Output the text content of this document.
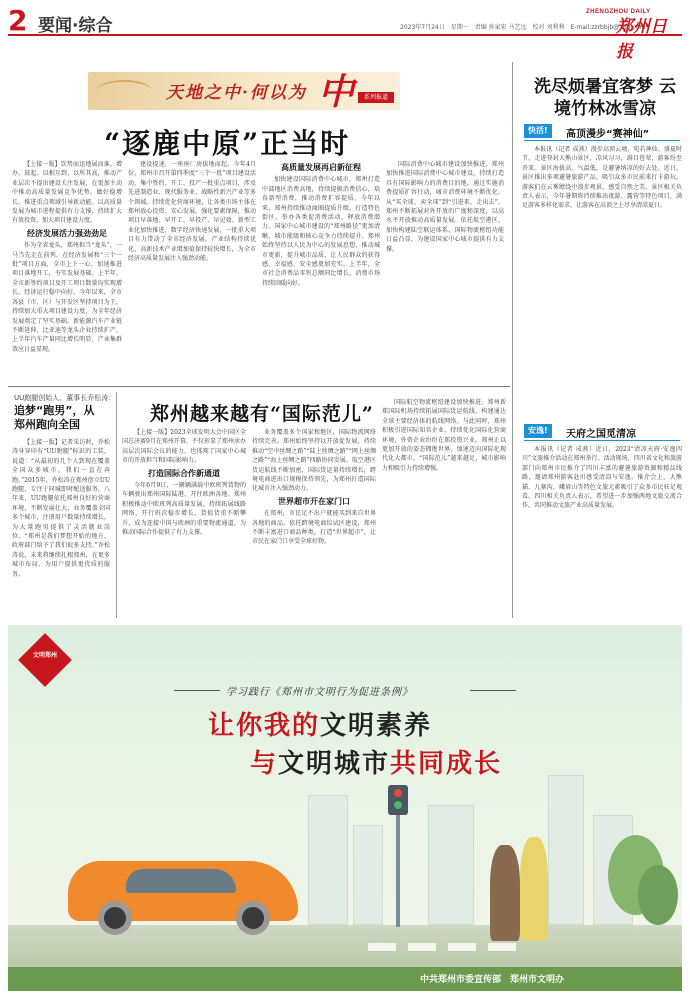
2 要闻·综合	2023年7月24日　星期一　责编 孙家宏 马艺远　校对 刘利利　E-mail:zzrbbjb@163.com
ZHENGZHOU DAILY
郑州日报
天地之中·何以为 中	系列报道
“逐鹿中原”正当时

【上接一版】饮势而迅地展而谁。增办，鼓起、以相互到、以所其高，推动产业层次不提出建设关注发展，在更加主动中推动高质量发展竞争优势。做好稳增长，推进重点领域引导新动能。以高质量发展为城市进程提供有力支撑，持续扩大有效投资，加大项目建设力度。

经济发展活力强劲劲足

作为全省龙头，郑州担当“龙头”，一马当先走在前列。在经济发展和“三个一批”项目方面，全市上下一心，加速推进项目落地开工，夯实发展基础。上半年，全市新签约项目及开工项目数量均实现增长，经济运行稳中向好。今年以来，全市各县（市、区）与开发区坚持项目为王，持续加大重大项目建设力度，为全年经济发展奠定了坚实基础。新能源汽车产业链不断延伸，比亚迪等龙头企业持续扩产，上半年汽车产量同比增长明显，产业集群效应日益显现。

建设提速，一座座厂房拔地而起。今年4月份，郑州市召开第四季度“三个一批”项目建设活动，集中签约、开工、投产一批重点项目，涉及先进制造业、现代服务业、战略性新兴产业等多个领域。持续优化营商环境，让各类市场主体在郑州放心投资、安心发展。强化要素保障，推动项目早落地、早开工、早投产、早见效。新型工业化加快推进，数字经济快速发展，一批重大项目有力带动了全市经济发展。产业结构持续优化，高新技术产业增加值保持较快增长，为全市经济高质量发展注入强劲动能。

高质量发展再启新征程

加快建设国际消费中心城市，郑州打造中部地区消费高地，持续提振消费信心，培育新型消费，推动消费扩容提质。今年以来，郑州持续推动商圈提质升级，打造特色街区，举办各类促消费活动，释放消费潜力。国家中心城市建设的“郑州路径”更加清晰，城市能级和核心竞争力持续提升。郑州始终坚持以人民为中心的发展思想，推动城市更新，提升城市品质，让人民群众的获得感、幸福感、安全感更加充实。上半年，全市社会消费品零售总额同比增长，消费市场持续回暖向好。

国际消费中心城市建设加快推进。郑州加快推进国际消费中心城市建设，持续打造具有国际影响力的消费目的地。通过实施消费提质扩容行动，城市消费环境不断优化。从“买全球、卖全球”到“引进来、走出去”，郑州不断拓展对外开放的广度和深度，以高水平开放推动高质量发展。依托航空港区，加快构建陆空联运体系，国际物流枢纽功能日益凸显，为建设国家中心城市提供有力支撑。

洗尽烦暑宜客梦 云境竹林冰雪凉
快活!	高顶漫步“赛神仙”

本报讯（记者 成燕）漫步高顶云境，宛若神仙。盛夏时节，走进登封大熊山景区，凉风习习，满目苍翠，游客纷至沓来。景区海拔高、气温低，是避暑纳凉的好去处。近日，景区推出多项避暑旅游产品，吸引众多市民前来打卡游玩。游客们在云雾缭绕中漫步观景，感受自然之美。景区相关负责人表示，今年暑期将持续推出夜游、露营等特色项目，满足游客多样化需求，让游客在高顶之上尽享清凉夏日。

安逸!	天府之国觅清凉

本报讯（记者 成燕）近日，2023“清凉天府·安逸四川”文旅推介活动在郑州举行。活动现场，四川省文化和旅游部门向郑州市民推介了四川丰富的避暑旅游资源和精品线路，邀请郑州游客赴川感受清凉与安逸。推介会上，大熊猫、九寨沟、峨眉山等特色文旅元素吸引了众多市民驻足观看。四川相关负责人表示，希望进一步加强两地文旅交流合作，共同推动文旅产业高质量发展。

UU跑腿创始人、董事长乔松涛：
追梦“跑男”，从郑州跑向全国

【上接一版】记者采访时，乔松涛身穿印有“UU跑腿”标识的工装，说道：“从最初的几个人到现在覆盖全国众多城市，我们一直在奔跑。”2015年，乔松涛在郑州创立UU跑腿，专注于同城即时配送服务。八年来，UU跑腿依托郑州良好的营商环境，不断发展壮大，业务覆盖全国多个城市，注册用户数量持续增长，为大量跑男提供了灵活就业岗位。“郑州是我们梦想开始的地方，政府部门给予了我们很多支持。”乔松涛说，未来将继续扎根郑州，在更多城市布局，为用户提供更优质的服务。

郑州越来越有“国际范儿”

【上接一版】2023全球发明大会中国区全国总决赛9月在郑州开幕，不仅彰显了郑州承办高层次国际会议的能力，也体现了国家中心城市的开放担当和国际影响力。

打造国际合作新通道

今年6月9日，一辆辆满载中欧班列货物的车辆驶出郑州国际陆港，开往欧洲各地。郑州积极推动中欧班列高质量发展，持续拓展线路网络，开行班次稳步增长，货值货重不断攀升，成为连接中国与欧洲的重要物流通道，为推动国际合作提供了有力支撑。

业务覆盖多个国家和地区，国际物流网络持续完善。郑州始终坚持以开放促发展，持续推动“空中丝绸之路”“陆上丝绸之路”“网上丝绸之路”“海上丝绸之路”四路协同发展。航空港区货运航线不断加密，国际货运量持续增长，跨境电商进出口规模保持领先，为郑州打造国际化城市注入强劲动力。

世界超市开在家门口

在郑州，市民足不出户就能买到来自世界各地的商品。依托跨境电商综试区建设，郑州不断丰富进口商品种类，打造“世界超市”，让市民在家门口享受全球好物。

国际航空物流枢纽建设加快推进。郑州新郑国际机场持续拓展国际货运航线，构建通达全球主要经济体的航线网络。与此同时，郑州积极引进国际知名企业，持续优化国际化营商环境，外资企业纷纷在郑投资兴业。郑州正以更加开放的姿态拥抱世界，加速迈向国际化现代化大都市，“国际范儿”越来越足，城市影响力和吸引力持续增强。

文明郑州
学习践行《郑州市文明行为促进条例》
让你我的文明素养
与文明城市共同成长
中共郑州市委宣传部　郑州市文明办
